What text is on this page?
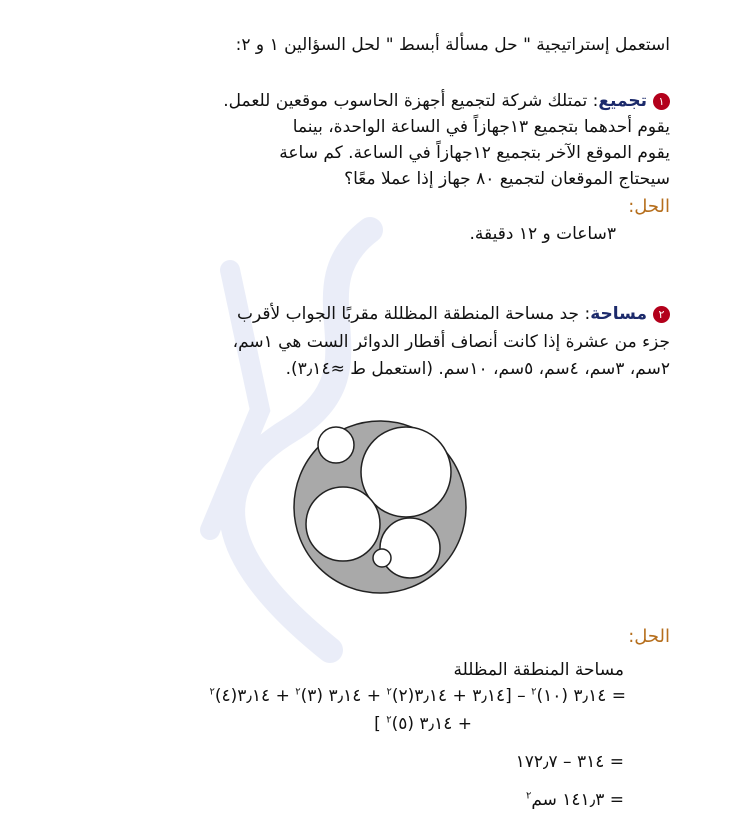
استعمل إستراتيجية " حل مسألة أبسط " لحل السؤالين ١ و ٢:
١تجميع: تمتلك شركة لتجميع أجهزة الحاسوب موقعين للعمل.
يقوم أحدهما بتجميع ١٣جهازاً في الساعة الواحدة، بينما
يقوم الموقع الآخر بتجميع ١٢جهازاً في الساعة. كم ساعة
سيحتاج الموقعان لتجميع ٨٠ جهاز إذا عملا معًا؟
الحل:
٣ساعات و ١٢ دقيقة.
٢مساحة: جد مساحة المنطقة المظللة مقربًا الجواب لأقرب
جزء من عشرة إذا كانت أنصاف أقطار الدوائر الست هي ١سم،
٢سم، ٣سم، ٤سم، ٥سم، ١٠سم. (استعمل ط ≈٣٫١٤).
الحل:
مساحة المنطقة المظللة
= ٣٫١٤ (١٠)$^٢$ – [٣٫١٤ + ٣٫١٤(٢)$^٢$ + ٣٫١٤ (٣)$^٢$ + ٣٫١٤(٤)$^٢$
+ ٣٫١٤ (٥)$^٢$ ]
= ٣١٤ – ١٧٢٫٧
= ١٤١٫٣ سم$^٢$
